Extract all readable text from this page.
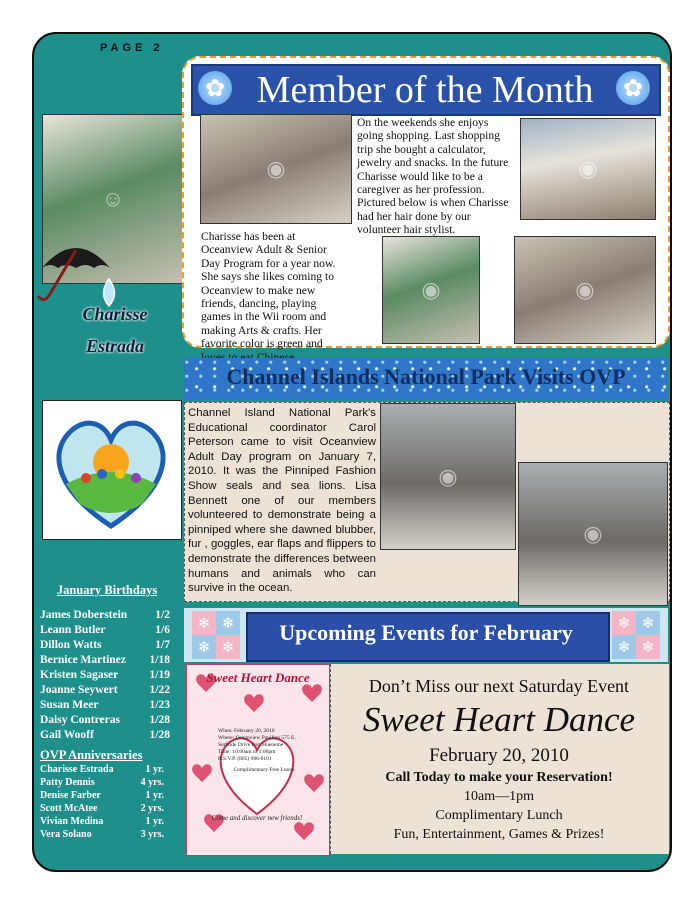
PAGE 2
☺
Charisse
Estrada
✿	✿
Member of the Month
◉
Charisse has been at Oceanview Adult & Senior Day Program for a year now. She says she likes coming to Oceanview to make new friends, dancing, playing games in the Wii room and making Arts & crafts. Her favorite color is green and
On the weekends she enjoys going shopping. Last shopping trip she bought a calculator, jewelry and snacks. In the future Charisse would like to be a caregiver as her profession. Pictured below is when Charisse had her hair done by our volunteer hair stylist.
◉
◉	◉
Channel Islands National Park Visits OVP
Channel Island National Park's Educational coordinator Carol Peterson came to visit Oceanview Adult Day program on January 7, 2010. It was the Pinniped Fashion Show seals and sea lions. Lisa Bennett one of our members volunteered to demonstrate being a pinniped where she dawned blubber, fur , goggles, ear flaps and flippers to demonstrate the differences between humans and animals who can survive in the ocean.
◉
◉
January Birthdays
James Doberstein 1/2
Leann Butler	1/6
Dillon Watts	1/7
Bernice Martinez 1/18
Kristen Sagaser	1/19
Joanne Seywert	1/22
Susan Meer	1/23
Daisy Contreras	1/28
Gail Wooff	1/28
OVP Anniversaries
Charisse Estrada	1 yr.
Patty Dennis	4 yrs.
Denise Farber	1 yr.
Scott McAtee	2 yrs.
Vivian Medina	1 yr.
Vera Solano	3 yrs.
❄ ❄
❄ ❄
❄ ❄
❄ ❄
Upcoming Events for February
Sweet Heart Dance
When: February 20, 2010
Where: Oceanview Pavilion 575 E. Surfside Drive Port Hueneme
Time: 10:00am to 1:00pm
R.S.V.P. (805) 986-6101
Complimentary Free Lunch
Come and discover new friends!
Don’t Miss our next Saturday Event
Sweet Heart Dance
February 20, 2010
Call Today to make your Reservation!
10am—1pm
Complimentary Lunch
Fun, Entertainment, Games & Prizes!
